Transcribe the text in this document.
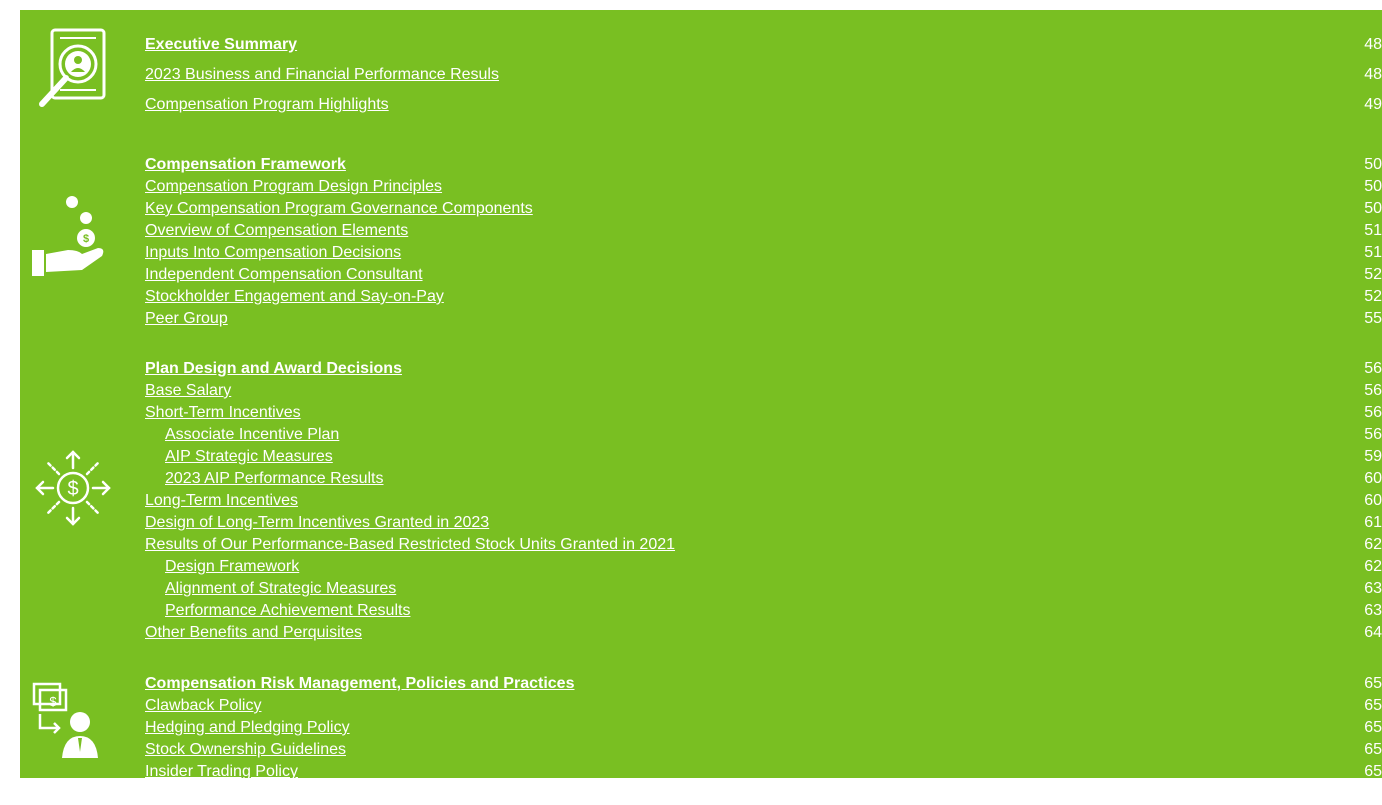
$
$
$
Executive Summary	48
2023 Business and Financial Performance Resuls	48
Compensation Program Highlights	49
Compensation Framework	50
Compensation Program Design Principles	50
Key Compensation Program Governance Components	50
Overview of Compensation Elements	51
Inputs Into Compensation Decisions	51
Independent Compensation Consultant	52
Stockholder Engagement and Say-on-Pay	52
Peer Group	55
Plan Design and Award Decisions	56
Base Salary	56
Short-Term Incentives	56
Associate Incentive Plan	56
AIP Strategic Measures	59
2023 AIP Performance Results	60
Long-Term Incentives	60
Design of Long-Term Incentives Granted in 2023	61
Results of Our Performance-Based Restricted Stock Units Granted in 2021	62
Design Framework	62
Alignment of Strategic Measures	63
Performance Achievement Results	63
Other Benefits and Perquisites	64
Compensation Risk Management, Policies and Practices	65
Clawback Policy	65
Hedging and Pledging Policy	65
Stock Ownership Guidelines	65
Insider Trading Policy	65
